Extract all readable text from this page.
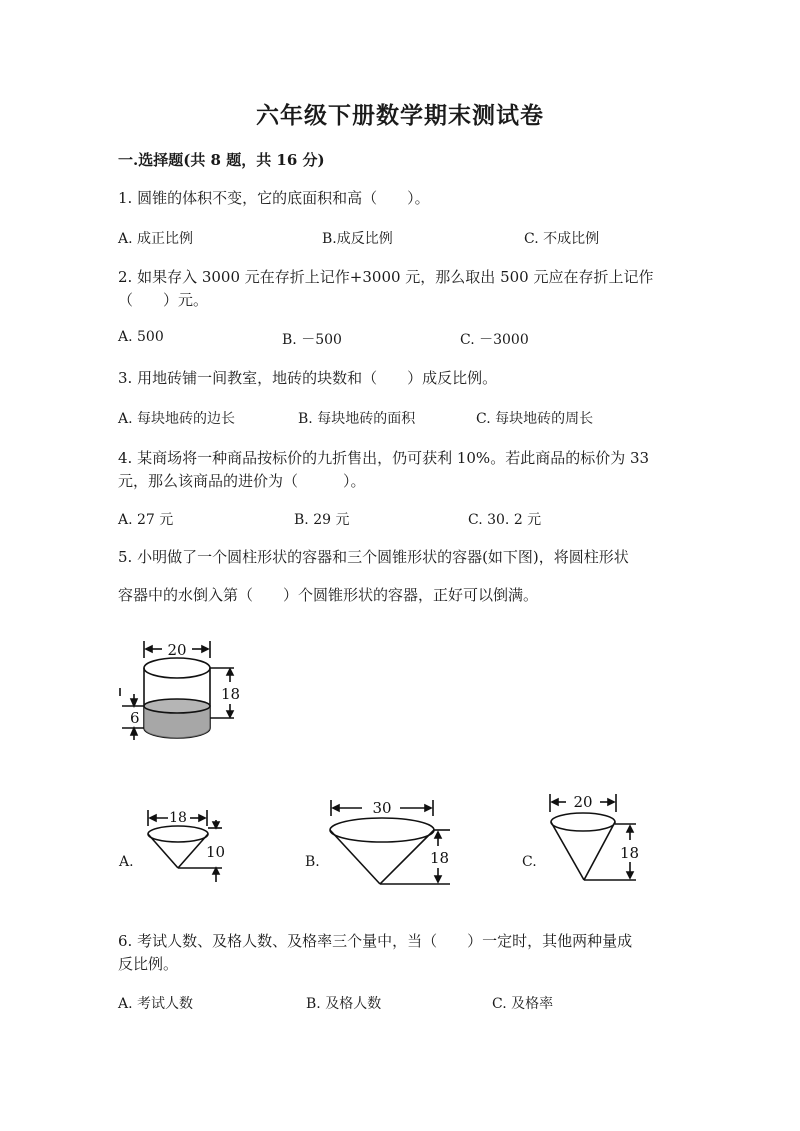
六年级下册数学期末测试卷
一.选择题(共 8 题，共 16 分)
1. 圆锥的体积不变，它的底面积和高（　　）。
A. 成正比例	B.成反比例	C. 不成比例
2. 如果存入 3000 元在存折上记作+3000 元，那么取出 500 元应在存折上记作
（　　）元。
A. 500	B. －500	C. －3000
3. 用地砖铺一间教室，地砖的块数和（　　）成反比例。
A. 每块地砖的边长	B. 每块地砖的面积	C. 每块地砖的周长
4. 某商场将一种商品按标价的九折售出，仍可获利 10%。若此商品的标价为 33
元，那么该商品的进价为（　　　）。
A. 27 元	B. 29 元	C. 30. 2 元
5. 小明做了一个圆柱形状的容器和三个圆锥形状的容器(如下图)，将圆柱形状
容器中的水倒入第（　　）个圆锥形状的容器，正好可以倒满。
20
18
6
A.
18
10
B.
30
18	C.
20
18
6. 考试人数、及格人数、及格率三个量中，当（　　）一定时，其他两种量成
反比例。
A. 考试人数	B. 及格人数	C. 及格率
